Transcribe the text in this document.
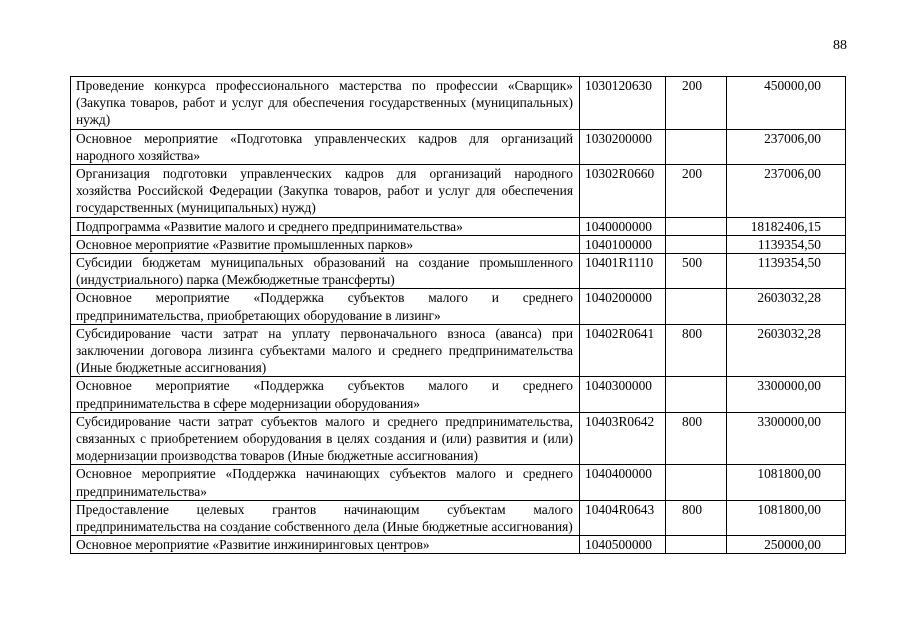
88
Проведение конкурса профессионального мастерства по профессии «Сварщик» (Закупка товаров, работ и услуг для обеспечения государственных (муниципальных) нужд)	1030120630	200	450000,00
Основное мероприятие «Подготовка управленческих кадров для организаций народного хозяйства»	1030200000		237006,00
Организация подготовки управленческих кадров для организаций народного хозяйства Российской Федерации (Закупка товаров, работ и услуг для обеспечения государственных (муниципальных) нужд)	10302R0660	200	237006,00
Подпрограмма «Развитие малого и среднего предпринимательства»	1040000000		18182406,15
Основное мероприятие «Развитие промышленных парков»	1040100000		1139354,50
Субсидии бюджетам муниципальных образований на создание промышленного (индустриального) парка (Межбюджетные трансферты)	10401R1110	500	1139354,50
Основное мероприятие «Поддержка субъектов малого и среднего предпринимательства, приобретающих оборудование в лизинг»	1040200000		2603032,28
Субсидирование части затрат на уплату первоначального взноса (аванса) при заключении договора лизинга субъектами малого и среднего предпринимательства (Иные бюджетные ассигнования)	10402R0641	800	2603032,28
Основное мероприятие «Поддержка субъектов малого и среднего предпринимательства в сфере модернизации оборудования»	1040300000		3300000,00
Субсидирование части затрат субъектов малого и среднего предпринимательства, связанных с приобретением оборудования в целях создания и (или) развития и (или) модернизации производства товаров (Иные бюджетные ассигнования)	10403R0642	800	3300000,00
Основное мероприятие «Поддержка начинающих субъектов малого и среднего предпринимательства»	1040400000		1081800,00
Предоставление целевых грантов начинающим субъектам малого предпринимательства на создание собственного дела (Иные бюджетные ассигнования)	10404R0643	800	1081800,00
Основное мероприятие «Развитие инжиниринговых центров»	1040500000		250000,00
